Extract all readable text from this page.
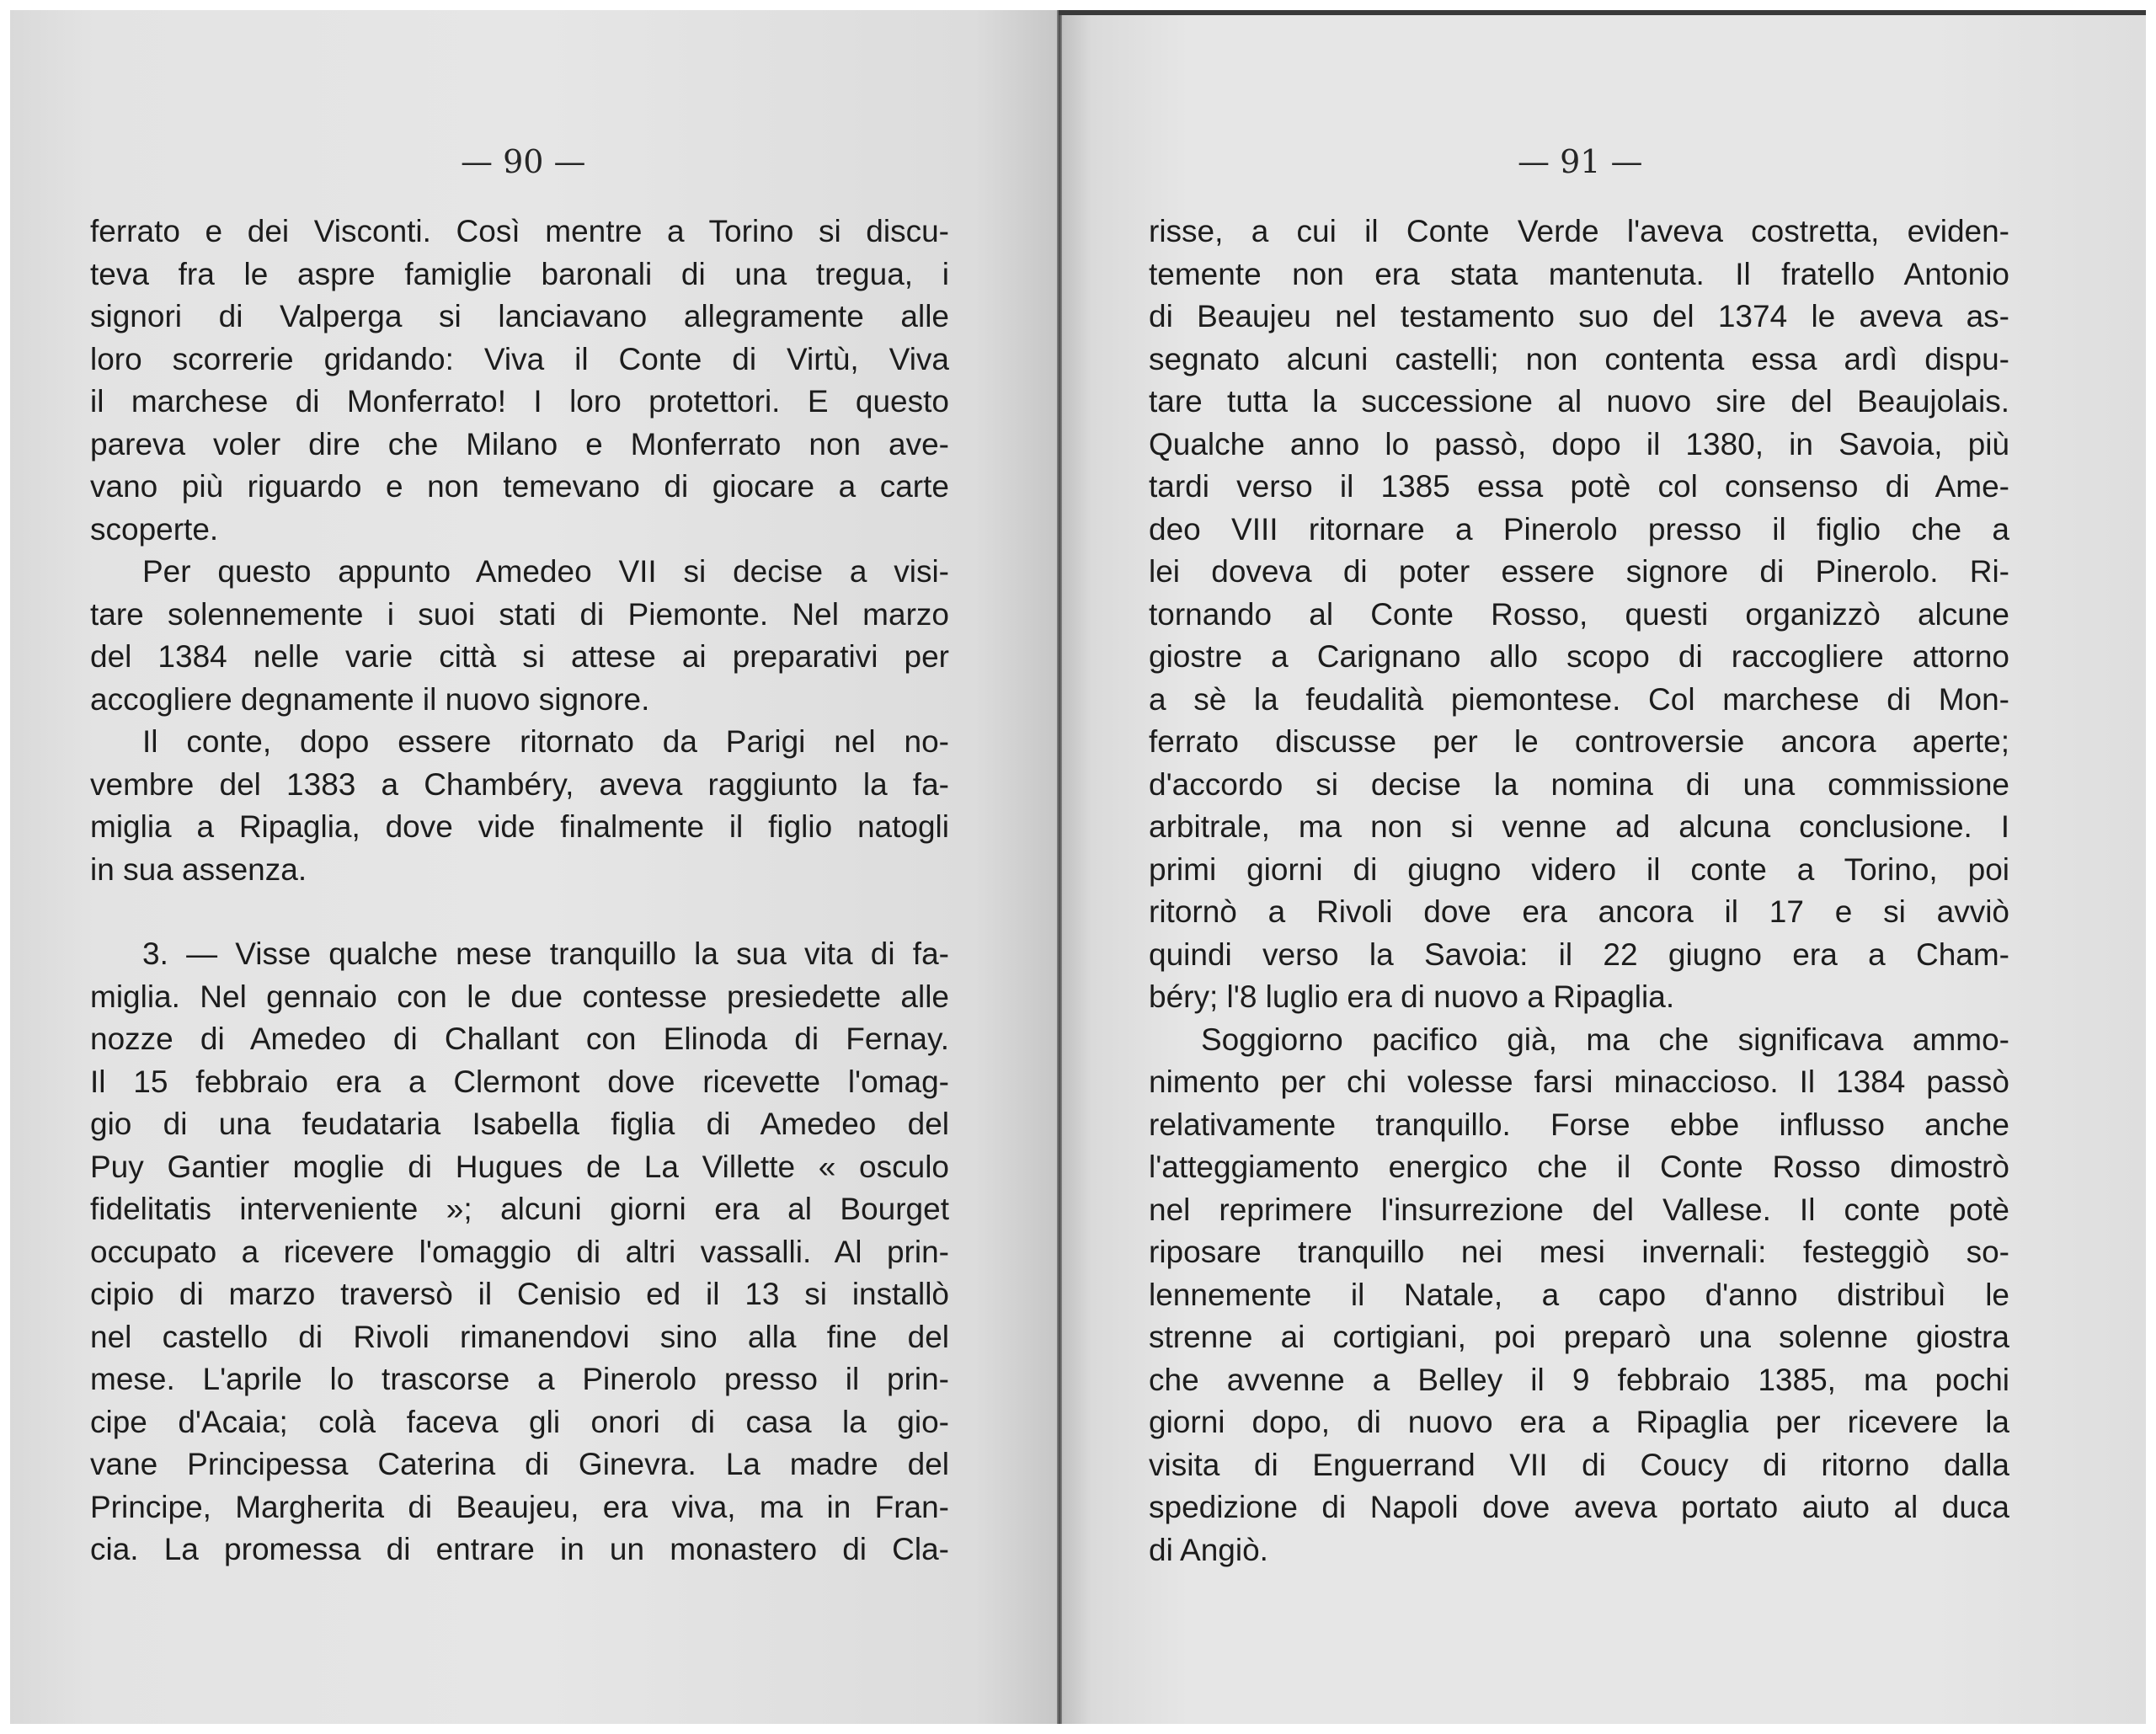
— 90 —
ferrato e dei Visconti. Così mentre a Torino si discu-
teva fra le aspre famiglie baronali di una tregua, i
signori di Valperga si lanciavano allegramente alle
loro scorrerie gridando: Viva il Conte di Virtù, Viva
il marchese di Monferrato! I loro protettori. E questo
pareva voler dire che Milano e Monferrato non ave-
vano più riguardo e non temevano di giocare a carte
scoperte.
Per questo appunto Amedeo VII si decise a visi-
tare solennemente i suoi stati di Piemonte. Nel marzo
del 1384 nelle varie città si attese ai preparativi per
accogliere degnamente il nuovo signore.
Il conte, dopo essere ritornato da Parigi nel no-
vembre del 1383 a Chambéry, aveva raggiunto la fa-
miglia a Ripaglia, dove vide finalmente il figlio natogli
in sua assenza.
3. — Visse qualche mese tranquillo la sua vita di fa-
miglia. Nel gennaio con le due contesse presiedette alle
nozze di Amedeo di Challant con Elinoda di Fernay.
Il 15 febbraio era a Clermont dove ricevette l'omag-
gio di una feudataria Isabella figlia di Amedeo del
Puy Gantier moglie di Hugues de La Villette « osculo
fidelitatis interveniente »; alcuni giorni era al Bourget
occupato a ricevere l'omaggio di altri vassalli. Al prin-
cipio di marzo traversò il Cenisio ed il 13 si installò
nel castello di Rivoli rimanendovi sino alla fine del
mese. L'aprile lo trascorse a Pinerolo presso il prin-
cipe d'Acaia; colà faceva gli onori di casa la gio-
vane Principessa Caterina di Ginevra. La madre del
Principe, Margherita di Beaujeu, era viva, ma in Fran-
cia. La promessa di entrare in un monastero di Cla-
— 91 —
risse, a cui il Conte Verde l'aveva costretta, eviden-
temente non era stata mantenuta. Il fratello Antonio
di Beaujeu nel testamento suo del 1374 le aveva as-
segnato alcuni castelli; non contenta essa ardì dispu-
tare tutta la successione al nuovo sire del Beaujolais.
Qualche anno lo passò, dopo il 1380, in Savoia, più
tardi verso il 1385 essa potè col consenso di Ame-
deo VIII ritornare a Pinerolo presso il figlio che a
lei doveva di poter essere signore di Pinerolo. Ri-
tornando al Conte Rosso, questi organizzò alcune
giostre a Carignano allo scopo di raccogliere attorno
a sè la feudalità piemontese. Col marchese di Mon-
ferrato discusse per le controversie ancora aperte;
d'accordo si decise la nomina di una commissione
arbitrale, ma non si venne ad alcuna conclusione. I
primi giorni di giugno videro il conte a Torino, poi
ritornò a Rivoli dove era ancora il 17 e si avviò
quindi verso la Savoia: il 22 giugno era a Cham-
béry; l'8 luglio era di nuovo a Ripaglia.
Soggiorno pacifico già, ma che significava ammo-
nimento per chi volesse farsi minaccioso. Il 1384 passò
relativamente tranquillo. Forse ebbe influsso anche
l'atteggiamento energico che il Conte Rosso dimostrò
nel reprimere l'insurrezione del Vallese. Il conte potè
riposare tranquillo nei mesi invernali: festeggiò so-
lennemente il Natale, a capo d'anno distribuì le
strenne ai cortigiani, poi preparò una solenne giostra
che avvenne a Belley il 9 febbraio 1385, ma pochi
giorni dopo, di nuovo era a Ripaglia per ricevere la
visita di Enguerrand VII di Coucy di ritorno dalla
spedizione di Napoli dove aveva portato aiuto al duca
di Angiò.
